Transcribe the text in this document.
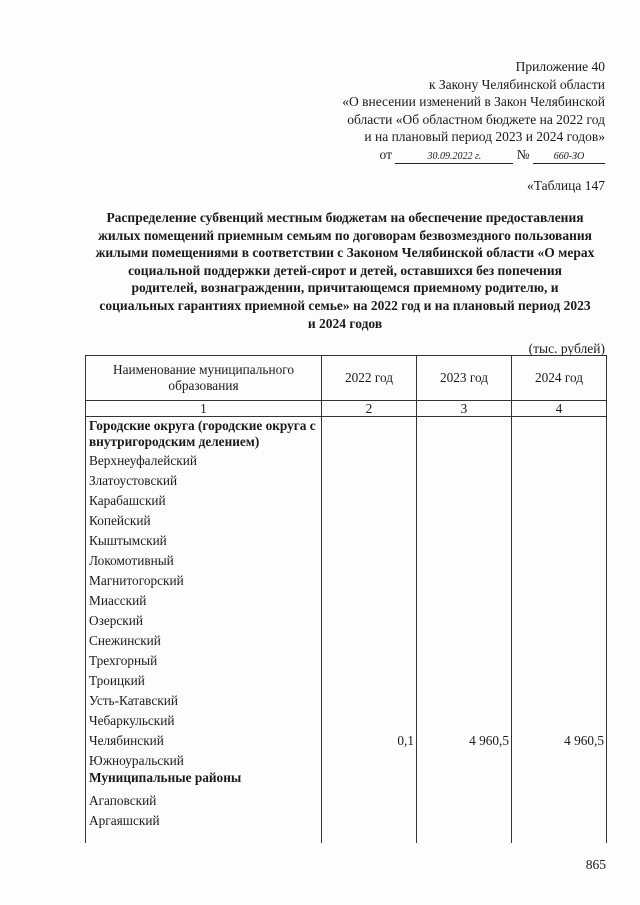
Приложение 40
к Закону Челябинской области
«О внесении изменений в Закон Челябинской
области «Об областном бюджете на 2022 год
и на плановый период 2023 и 2024 годов»
от	30.09.2022 г.	№ 660-ЗО
«Таблица 147
Распределение субвенций местным бюджетам на обеспечение предоставления
жилых помещений приемным семьям по договорам безвозмездного пользования
жилыми помещениями в соответствии с Законом Челябинской области «О мерах
социальной поддержки детей-сирот и детей, оставшихся без попечения
родителей, вознаграждении, причитающемся приемному родителю, и
социальных гарантиях приемной семье» на 2022 год и на плановый период 2023
и 2024 годов
(тыс. рублей)
Наименование муниципального образования	2022 год	2023 год	2024 год
1	2	3	4
Городские округа (городские округа с внутригородским делением)			
Верхнеуфалейский			
Златоустовский			
Карабашский			
Копейский			
Кыштымский			
Локомотивный			
Магнитогорский			
Миасский			
Озерский			
Снежинский			
Трехгорный			
Троицкий			
Усть-Катавский			
Чебаркульский			
Челябинский	0,1	4 960,5	4 960,5
Южноуральский			
Муниципальные районы			
Агаповский			
Аргаяшский			

865
